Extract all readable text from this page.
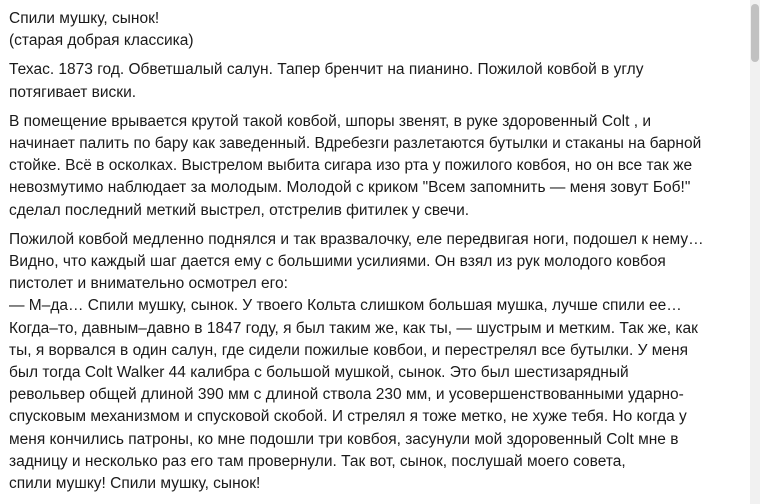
Спили мушку, сынок!
(старая добрая классика)

Техас. 1873 год. Обветшалый салун. Тапер бренчит на пианино. Пожилой ковбой в углу
потягивает виски.

В помещение врывается крутой такой ковбой, шпоры звенят, в руке здоровенный Colt , и
начинает палить по бару как заведенный. Вдребезги разлетаются бутылки и стаканы на барной
стойке. Всё в осколках. Выстрелом выбита сигара изо рта у пожилого ковбоя, но он все так же
невозмутимо наблюдает за молодым. Молодой с криком "Всем запомнить — меня зовут Боб!"
сделал последний меткий выстрел, отстрелив фитилек у свечи.

Пожилой ковбой медленно поднялся и так вразвалочку, еле передвигая ноги, подошел к нему…
Видно, что каждый шаг дается ему с большими усилиями. Он взял из рук молодого ковбоя
пистолет и внимательно осмотрел его:
— М–да… Спили мушку, сынок. У твоего Кольта слишком большая мушка, лучше спили ее…
Когда–то, давным–давно в 1847 году, я был таким же, как ты, — шустрым и метким. Так же, как
ты, я ворвался в один салун, где сидели пожилые ковбои, и перестрелял все бутылки. У меня
был тогда Colt Walker 44 калибра с большой мушкой, сынок. Это был шестизарядный
револьвер общей длиной 390 мм с длиной ствола 230 мм, и усовершенствованными ударно-
спусковым механизмом и спусковой скобой. И стрелял я тоже метко, не хуже тебя. Но когда у
меня кончились патроны, ко мне подошли три ковбоя, засунули мой здоровенный Colt мне в
задницу и несколько раз его там провернули. Так вот, сынок, послушай моего совета,
спили мушку! Спили мушку, сынок!
